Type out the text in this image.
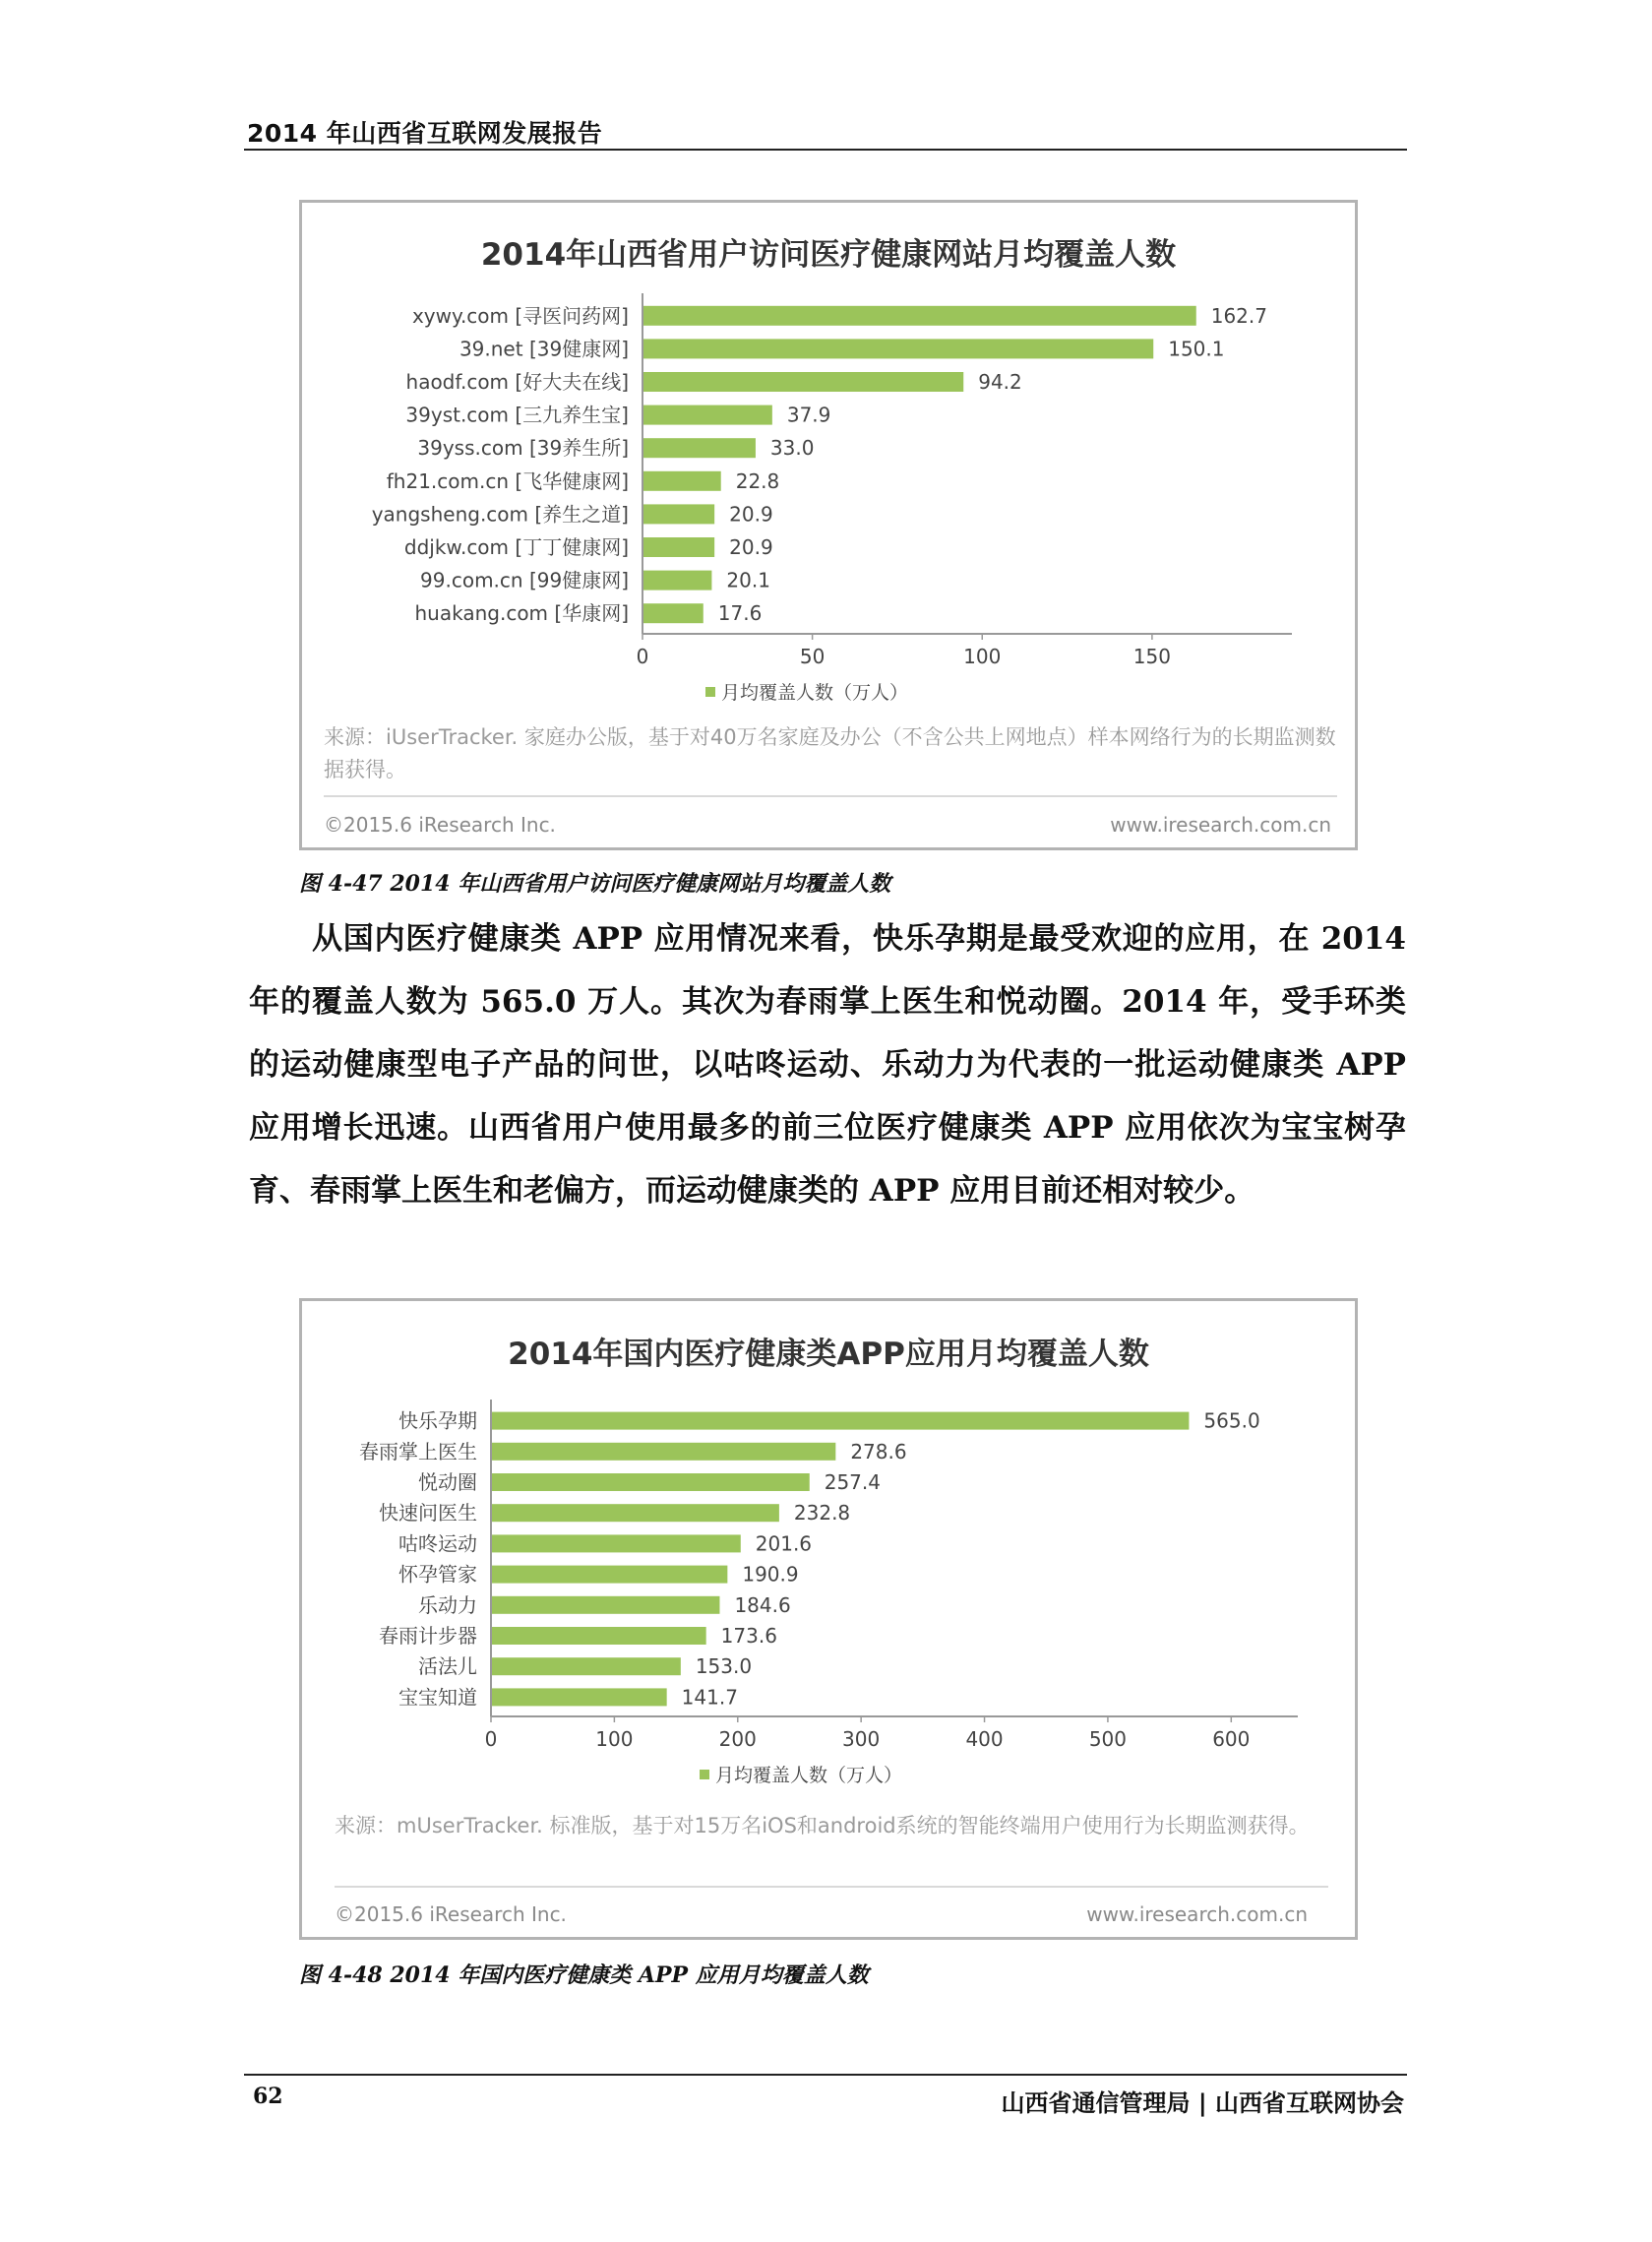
2014 年山西省互联网发展报告
2014年山西省用户访问医疗健康网站月均覆盖人数
xywy.com [寻医问药网]	162.7
39.net [39健康网]	150.1
haodf.com [好大夫在线]	94.2
39yst.com [三九养生宝]	37.9
39yss.com [39养生所]	33.0
fh21.com.cn [飞华健康网]	22.8
yangsheng.com [养生之道]	20.9
ddjkw.com [丁丁健康网]	20.9
99.com.cn [99健康网]	20.1
huakang.com [华康网]	17.6
0	50	100	150
月均覆盖人数（万人）
来源：iUserTracker. 家庭办公版，基于对40万名家庭及办公（不含公共上网地点）样本网络行为的长期监测数据获得。
©2015.6 iResearch Inc.	www.iresearch.com.cn
图 4-47 2014 年山西省用户访问医疗健康网站月均覆盖人数

从国内医疗健康类 APP 应用情况来看，快乐孕期是最受欢迎的应用，在 2014 年的覆盖人数为 565.0 万人。其次为春雨掌上医生和悦动圈。2014 年，受手环类的运动健康型电子产品的问世，以咕咚运动、乐动力为代表的一批运动健康类 APP 应用增长迅速。山西省用户使用最多的前三位医疗健康类 APP 应用依次为宝宝树孕育、春雨掌上医生和老偏方，而运动健康类的 APP 应用目前还相对较少。

2014年国内医疗健康类APP应用月均覆盖人数
快乐孕期	565.0
春雨掌上医生	278.6
悦动圈	257.4
快速问医生	232.8
咕咚运动	201.6
怀孕管家	190.9
乐动力	184.6
春雨计步器	173.6
活法儿	153.0
宝宝知道	141.7
0	100	200	300	400	500	600
月均覆盖人数（万人）
来源：mUserTracker. 标准版，基于对15万名iOS和android系统的智能终端用户使用行为长期监测获得。
©2015.6 iResearch Inc.	www.iresearch.com.cn
图 4-48 2014 年国内医疗健康类 APP 应用月均覆盖人数
62	山西省通信管理局 | 山西省互联网协会
